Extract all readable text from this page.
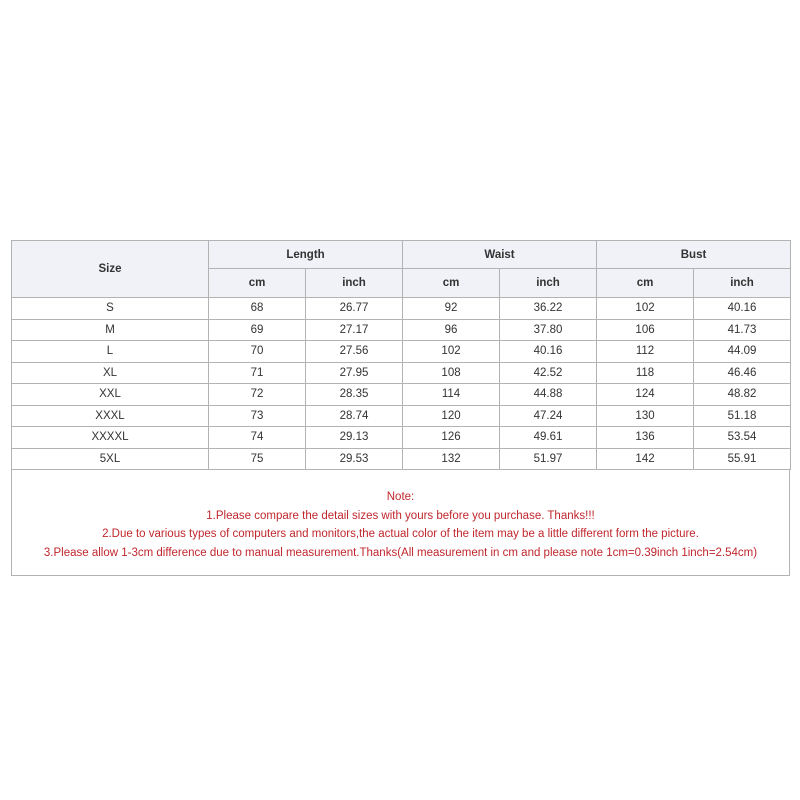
Size	Length		Waist		Bust	
	cm	inch	cm	inch	cm	inch
S	68	26.77	92	36.22	102	40.16
M	69	27.17	96	37.80	106	41.73
L	70	27.56	102	40.16	112	44.09
XL	71	27.95	108	42.52	118	46.46
XXL	72	28.35	114	44.88	124	48.82
XXXL	73	28.74	120	47.24	130	51.18
XXXXL	74	29.13	126	49.61	136	53.54
5XL	75	29.53	132	51.97	142	55.91
Note:
1.Please compare the detail sizes with yours before you purchase. Thanks!!!
2.Due to various types of computers and monitors,the actual color of the item may be a little different form the picture.
3.Please allow 1-3cm difference due to manual measurement.Thanks(All measurement in cm and please note 1cm=0.39inch 1inch=2.54cm)
